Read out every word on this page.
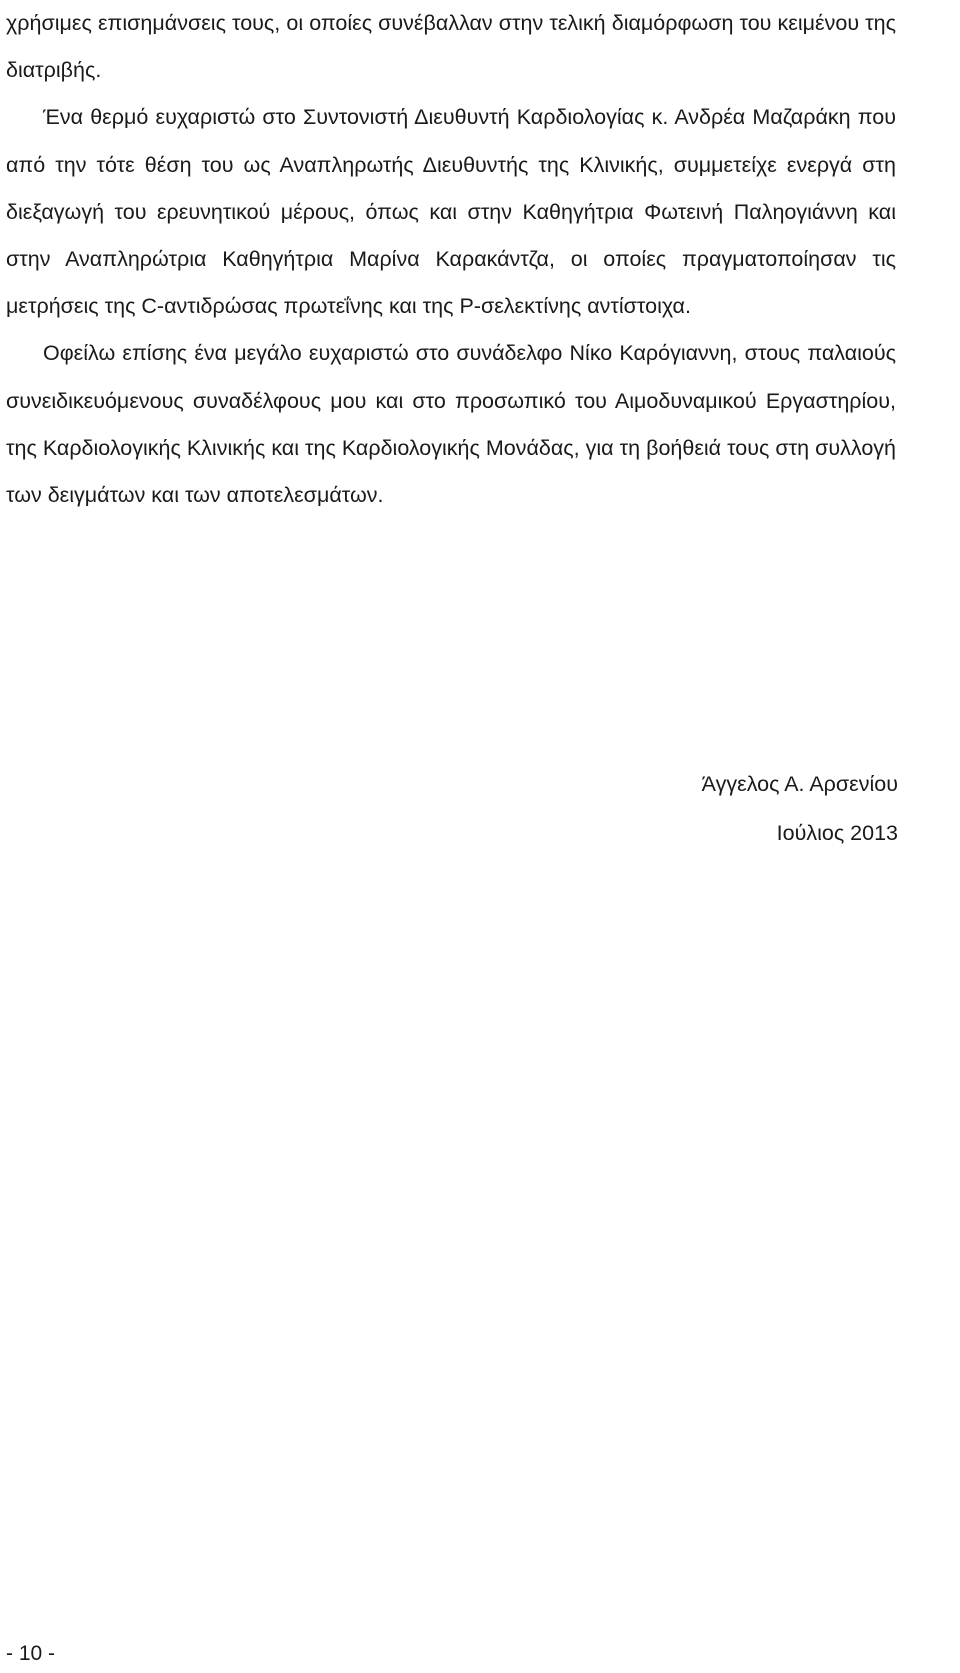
χρήσιμες επισημάνσεις τους, οι οποίες συνέβαλλαν στην τελική διαμόρφωση του κειμένου της διατριβής.

Ένα θερμό ευχαριστώ στο Συντονιστή Διευθυντή Καρδιολογίας κ. Ανδρέα Μαζαράκη που από την τότε θέση του ως Αναπληρωτής Διευθυντής της Κλινικής, συμμετείχε ενεργά στη διεξαγωγή του ερευνητικού μέρους, όπως και στην Καθηγήτρια Φωτεινή Παληογιάννη και στην Αναπληρώτρια Καθηγήτρια Μαρίνα Καρακάντζα, οι οποίες πραγματοποίησαν τις μετρήσεις της C-αντιδρώσας πρωτεΐνης και της P-σελεκτίνης αντίστοιχα.

Οφείλω επίσης ένα μεγάλο ευχαριστώ στο συνάδελφο Νίκο Καρόγιαννη, στους παλαιούς συνειδικευόμενους συναδέλφους μου και στο προσωπικό του Αιμοδυναμικού Εργαστηρίου, της Καρδιολογικής Κλινικής και της Καρδιολογικής Μονάδας, για τη βοήθειά τους στη συλλογή των δειγμάτων και των αποτελεσμάτων.

Άγγελος Α. Αρσενίου
Ιούλιος 2013
- 10 -
